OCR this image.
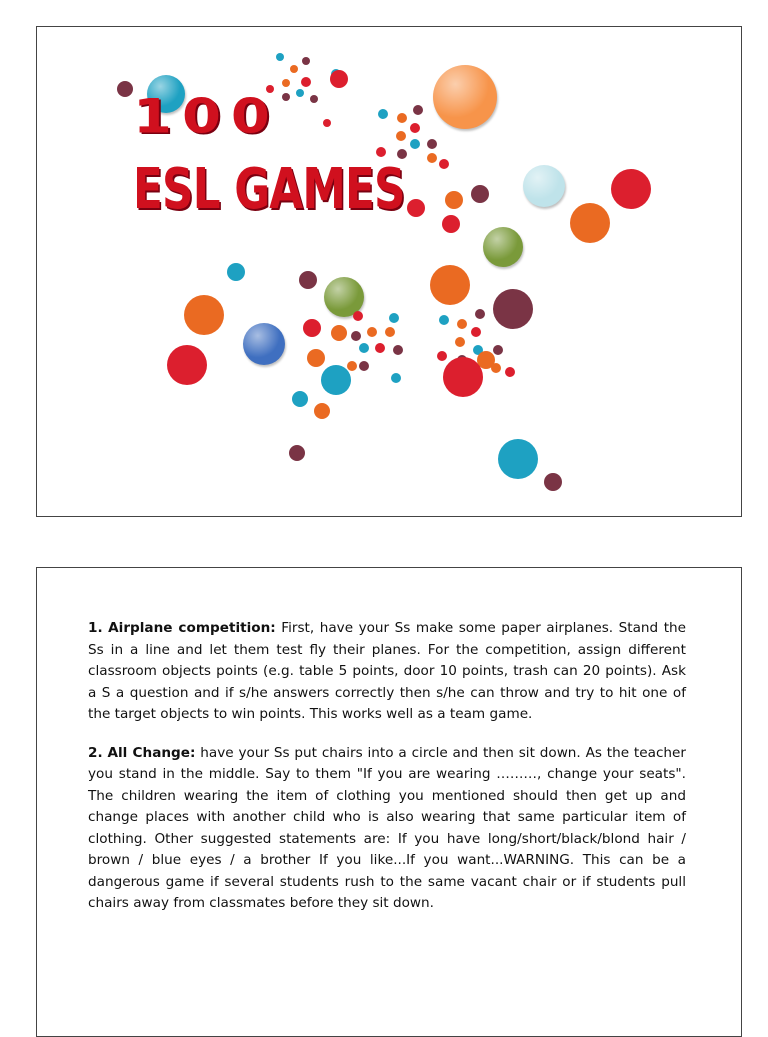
100
ESL GAMES

1. Airplane competition: First, have your Ss make some paper airplanes. Stand the Ss in a line and let them test fly their planes. For the competition, assign different classroom objects points (e.g. table 5 points, door 10 points, trash can 20 points). Ask a S a question and if s/he answers correctly then s/he can throw and try to hit one of the target objects to win points. This works well as a team game.

2. All Change: have your Ss put chairs into a circle and then sit down. As the teacher you stand in the middle. Say to them "If you are wearing ………, change your seats". The children wearing the item of clothing you mentioned should then get up and change places with another child who is also wearing that same particular item of clothing. Other suggested statements are: If you have long/short/black/blond hair / brown / blue eyes / a brother If you like...If you want...WARNING. This can be a dangerous game if several students rush to the same vacant chair or if students pull chairs away from classmates before they sit down.
